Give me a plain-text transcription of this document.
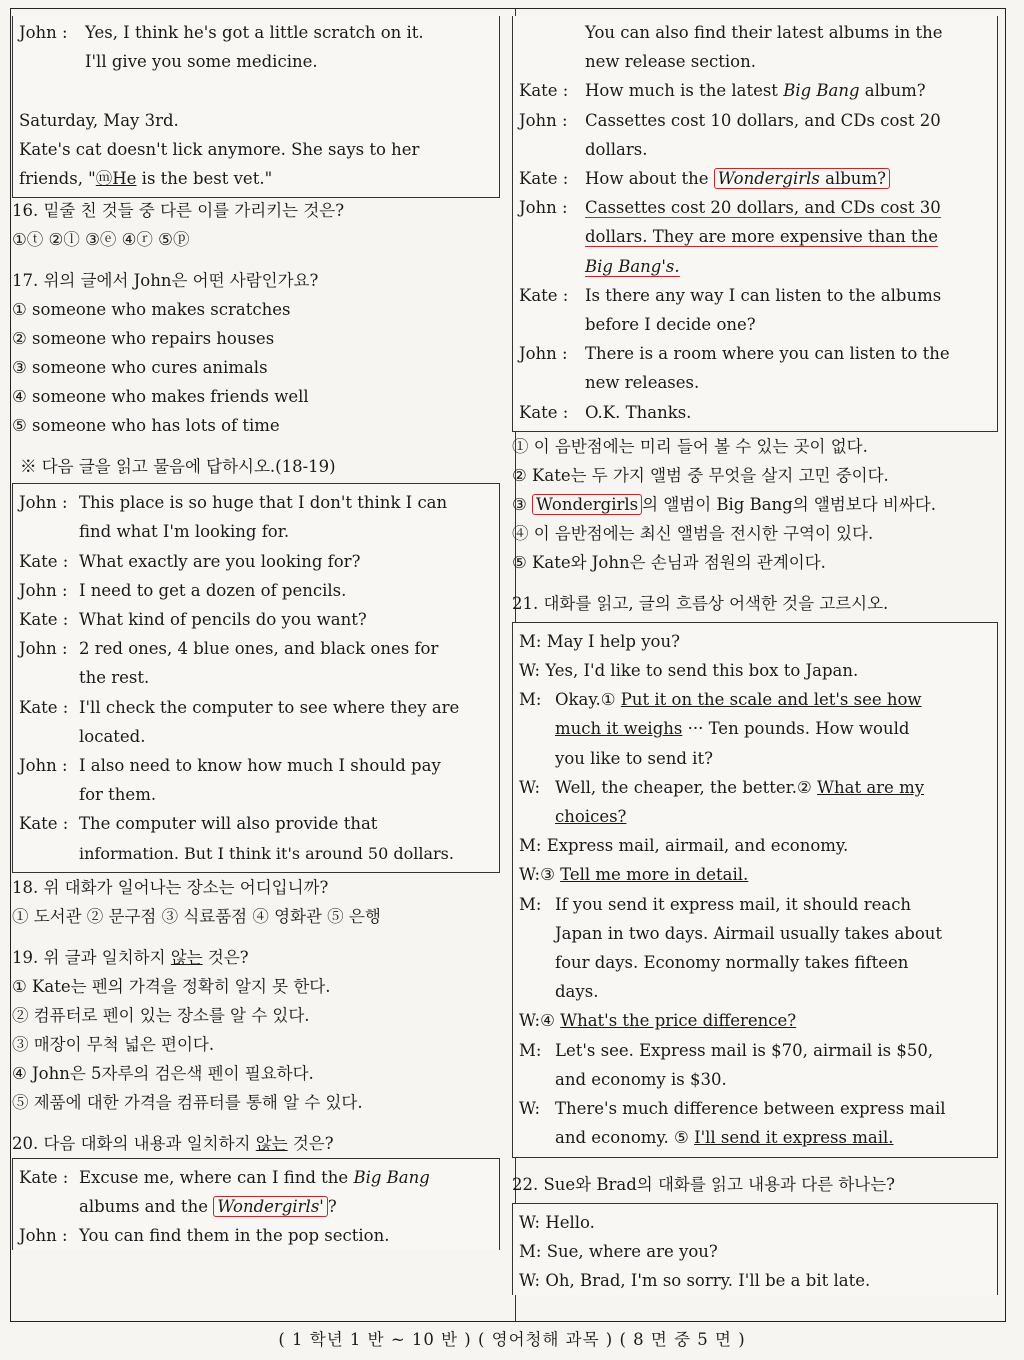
John :	Yes, I think he's got a little scratch on it.
I'll give you some medicine.

Saturday, May 3rd.
Kate's cat doesn't lick anymore. She says to her
friends, "ⓜHe is the best vet."
16. 밑줄 친 것들 중 다른 이를 가리키는 것은?
①ⓣ ②ⓛ ③ⓔ ④ⓡ ⑤ⓟ
17. 위의 글에서 John은 어떤 사람인가요?
① someone who makes scratches
② someone who repairs houses
③ someone who cures animals
④ someone who makes friends well
⑤ someone who has lots of time
※ 다음 글을 읽고 물음에 답하시오.(18-19)
John : This place is so huge that I don't think I can
find what I'm looking for.
Kate : What exactly are you looking for?
John : I need to get a dozen of pencils.
Kate : What kind of pencils do you want?
John : 2 red ones, 4 blue ones, and black ones for
the rest.
Kate : I'll check the computer to see where they are
located.
John : I also need to know how much I should pay
for them.
Kate : The computer will also provide that
information. But I think it's around 50 dollars.
18. 위 대화가 일어나는 장소는 어디입니까?
① 도서관 ② 문구점 ③ 식료품점 ④ 영화관 ⑤ 은행
19. 위 글과 일치하지 않는 것은?
① Kate는 펜의 가격을 정확히 알지 못 한다.
② 컴퓨터로 펜이 있는 장소를 알 수 있다.
③ 매장이 무척 넓은 편이다.
④ John은 5자루의 검은색 펜이 필요하다.
⑤ 제품에 대한 가격을 컴퓨터를 통해 알 수 있다.
20. 다음 대화의 내용과 일치하지 않는 것은?
Kate : Excuse me, where can I find the Big Bang
albums and the Wondergirls' ?
John : You can find them in the pop section.
You can also find their latest albums in the
new release section.
Kate :	How much is the latest Big Bang album?
John :	Cassettes cost 10 dollars, and CDs cost 20
dollars.
Kate :	How about the Wondergirls album?
John :	Cassettes cost 20 dollars, and CDs cost 30
dollars. They are more expensive than the
Big Bang's.
Kate :	Is there any way I can listen to the albums
before I decide one?
John :	There is a room where you can listen to the
new releases.
Kate :	O.K. Thanks.
① 이 음반점에는 미리 들어 볼 수 있는 곳이 없다.
② Kate는 두 가지 앨범 중 무엇을 살지 고민 중이다.
③ Wondergirls 의 앨범이 Big Bang의 앨범보다 비싸다.
④ 이 음반점에는 최신 앨범을 전시한 구역이 있다.
⑤ Kate와 John은 손님과 점원의 관계이다.
21. 대화를 읽고, 글의 흐름상 어색한 것을 고르시오.
M: May I help you?
W: Yes, I'd like to send this box to Japan.
M: Okay.① Put it on the scale and let's see how
much it weighs ··· Ten pounds. How would
you like to send it?
W: Well, the cheaper, the better.② What are my
choices?
M: Express mail, airmail, and economy.
W:③ Tell me more in detail.
M: If you send it express mail, it should reach
Japan in two days. Airmail usually takes about
four days. Economy normally takes fifteen
days.
W:④ What's the price difference?
M: Let's see. Express mail is $70, airmail is $50,
and economy is $30.
W: There's much difference between express mail
and economy. ⑤ I'll send it express mail.
22. Sue와 Brad의 대화를 읽고 내용과 다른 하나는?
W: Hello.
M: Sue, where are you?
W: Oh, Brad, I'm so sorry. I'll be a bit late.
( 1 학년 1 반 ~ 10 반 ) ( 영어청해 과목 ) ( 8 면 중 5 면 )
